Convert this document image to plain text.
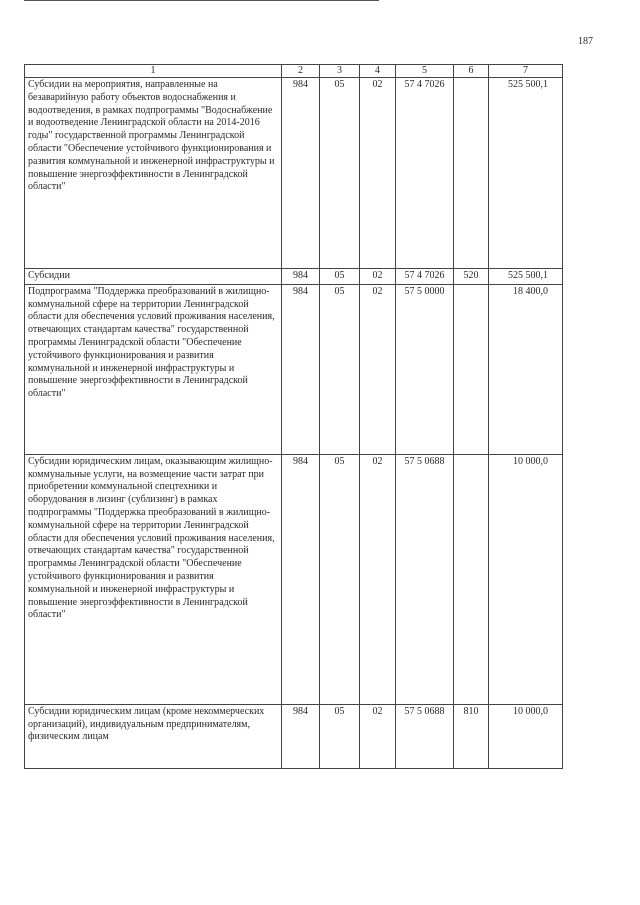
187
1	2	3	4	5	6	7
Субсидии на мероприятия, направленные на безаварийную работу объектов водоснабжения и водоотведения, в рамках подпрограммы "Водоснабжение и водоотведение Ленинградской области на 2014-2016 годы" государственной программы Ленинградской области "Обеспечение устойчивого функционирования и развития коммунальной и инженерной инфраструктуры и повышение энергоэффективности в Ленинградской области"	984	05	02	57 4 7026		525 500,1
Субсидии	984	05	02	57 4 7026	520	525 500,1
Подпрограмма "Поддержка преобразований в жилищно-коммунальной сфере на территории Ленинградской области для обеспечения условий проживания населения, отвечающих стандартам качества" государственной программы Ленинградской области "Обеспечение устойчивого функционирования и развития коммунальной и инженерной инфраструктуры и повышение энергоэффективности в Ленинградской области"	984	05	02	57 5 0000		18 400,0
Субсидии юридическим лицам, оказывающим жилищно-коммунальные услуги, на возмещение части затрат при приобретении коммунальной спецтехники и оборудования в лизинг (сублизинг) в рамках подпрограммы "Поддержка преобразований в жилищно-коммунальной сфере на территории Ленинградской области для обеспечения условий проживания населения, отвечающих стандартам качества" государственной программы Ленинградской области "Обеспечение устойчивого функционирования и развития коммунальной и инженерной инфраструктуры и повышение энергоэффективности в Ленинградской области"	984	05	02	57 5 0688		10 000,0
Субсидии юридическим лицам (кроме некоммерческих организаций), индивидуальным предпринимателям, физическим лицам	984	05	02	57 5 0688	810	10 000,0
